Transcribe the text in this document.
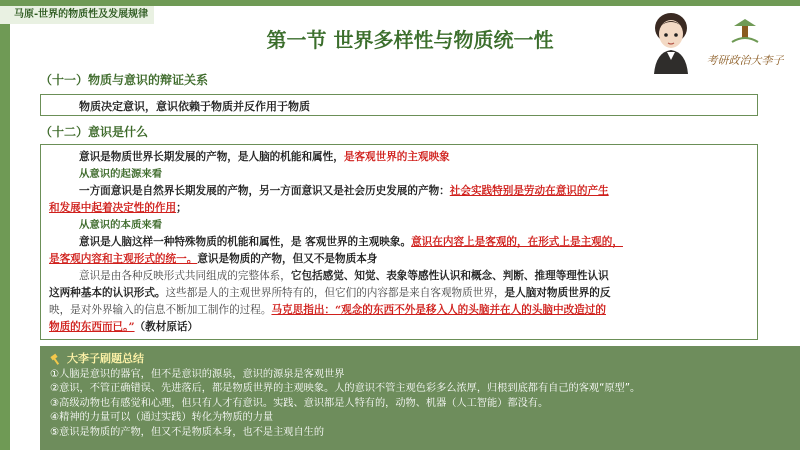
马原-世界的物质性及发展规律
第一节 世界多样性与物质统一性
考研政治大李子
（十一）物质与意识的辩证关系
物质决定意识，意识依赖于物质并反作用于物质
（十二）意识是什么
意识是物质世界长期发展的产物，是人脑的机能和属性，是客观世界的主观映象
从意识的起源来看
一方面意识是自然界长期发展的产物，另一方面意识又是社会历史发展的产物：社会实践特别是劳动在意识的产生
和发展中起着决定性的作用；
从意识的本质来看
意识是人脑这样一种特殊物质的机能和属性，是 客观世界的主观映象。意识在内容上是客观的，在形式上是主观的，
是客观内容和主观形式的统一。意识是物质的产物，但又不是物质本身
意识是由各种反映形式共同组成的完整体系，它包括感觉、知觉、表象等感性认识和概念、判断、推理等理性认识
这两种基本的认识形式。这些都是人的主观世界所特有的，但它们的内容都是来自客观物质世界，是人脑对物质世界的反
映，是对外界输入的信息不断加工制作的过程。马克思指出：“观念的东西不外是移入人的头脑并在人的头脑中改造过的
物质的东西而已。”（教材原话）
大李子刷题总结
①人脑是意识的器官，但不是意识的源泉，意识的源泉是客观世界
②意识，不管正确错误、先进落后，都是物质世界的主观映象。人的意识不管主观色彩多么浓厚，归根到底都有自己的客观“原型”。
③高级动物也有感觉和心理，但只有人才有意识。实践、意识都是人特有的，动物、机器（人工智能）都没有。
④精神的力量可以（通过实践）转化为物质的力量
⑤意识是物质的产物，但又不是物质本身，也不是主观自生的
